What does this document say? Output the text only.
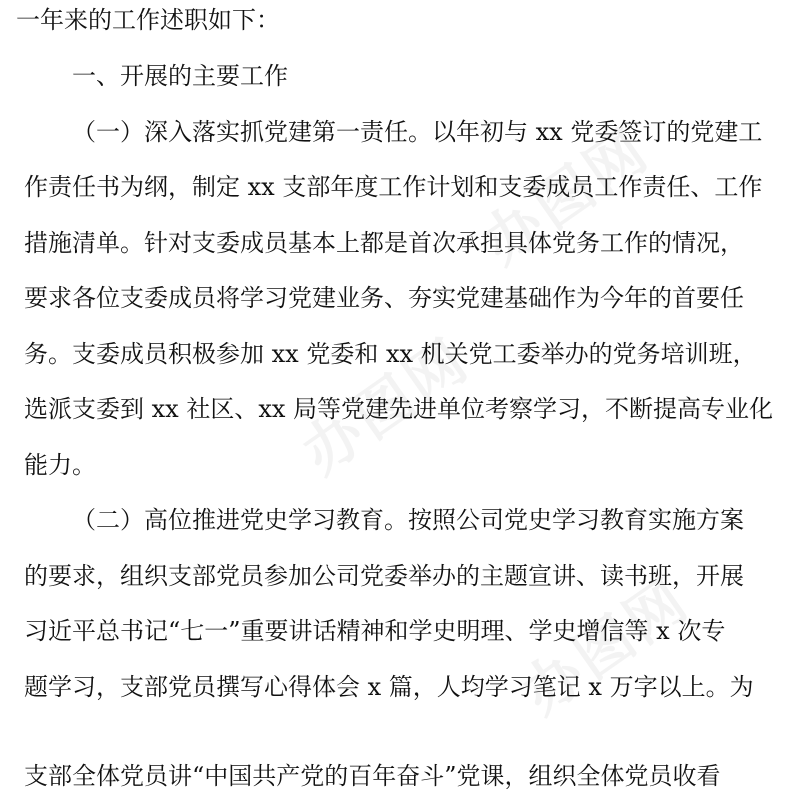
办图网
办图网
办图网
一年来的工作述职如下：
一、开展的主要工作
（一）深入落实抓党建第一责任。以年初与 xx 党委签订的党建工
作责任书为纲，制定 xx 支部年度工作计划和支委成员工作责任、工作
措施清单。针对支委成员基本上都是首次承担具体党务工作的情况，
要求各位支委成员将学习党建业务、夯实党建基础作为今年的首要任
务。支委成员积极参加 xx 党委和 xx 机关党工委举办的党务培训班，
选派支委到 xx 社区、xx 局等党建先进单位考察学习，不断提高专业化
能力。
（二）高位推进党史学习教育。按照公司党史学习教育实施方案
的要求，组织支部党员参加公司党委举办的主题宣讲、读书班，开展
习近平总书记“七一”重要讲话精神和学史明理、学史增信等 x 次专
题学习，支部党员撰写心得体会 x 篇，人均学习笔记 x 万字以上。为
支部全体党员讲“中国共产党的百年奋斗”党课，组织全体党员收看
